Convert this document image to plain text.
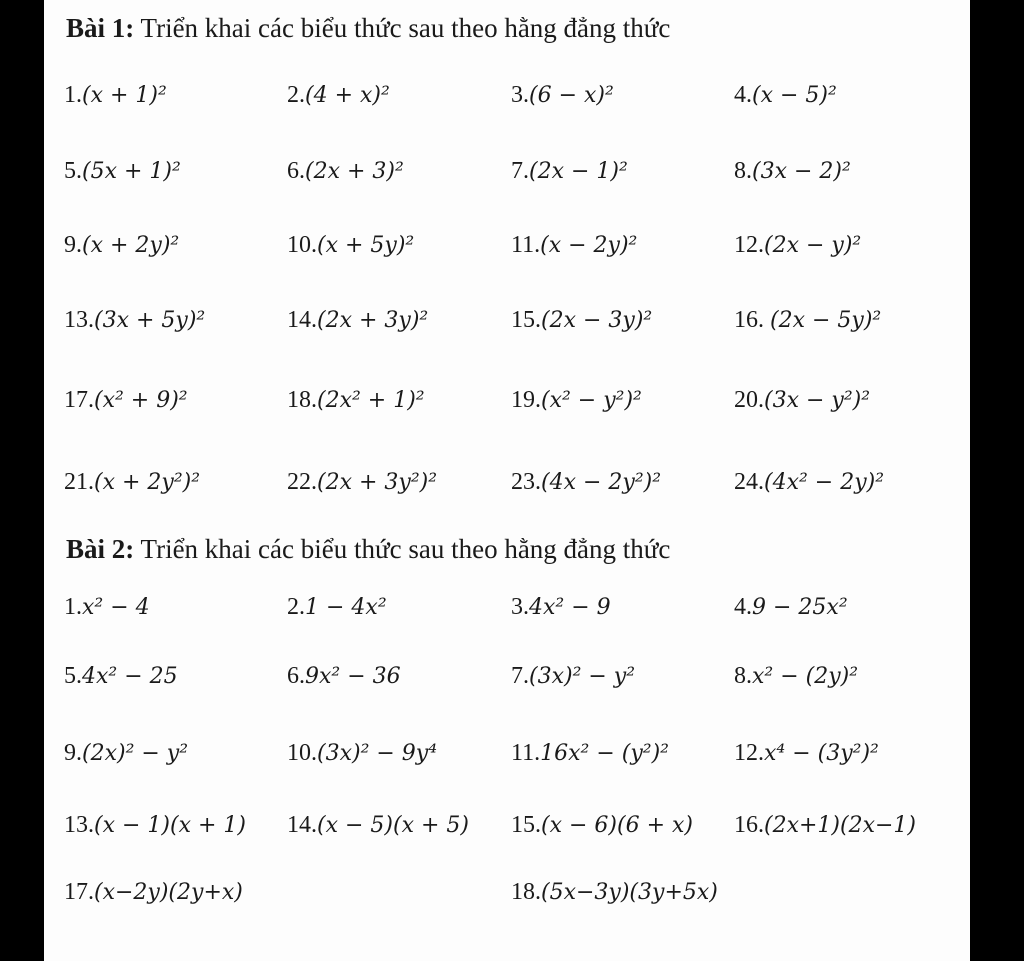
Bài 1: Triển khai các biểu thức sau theo hằng đẳng thức
1.(x + 1)²	2.(4 + x)²	3.(6 − x)²	4.(x − 5)²
5.(5x + 1)²	6.(2x + 3)²	7.(2x − 1)²	8.(3x − 2)²
9.(x + 2y)²	10.(x + 5y)²	11.(x − 2y)²	12.(2x − y)²
13.(3x + 5y)²	14.(2x + 3y)²	15.(2x − 3y)²	16. (2x − 5y)²
17.(x² + 9)²	18.(2x² + 1)²	19.(x² − y²)²	20.(3x − y²)²
21.(x + 2y²)²	22.(2x + 3y²)²	23.(4x − 2y²)²	24.(4x² − 2y)²
Bài 2: Triển khai các biểu thức sau theo hằng đẳng thức
1.x² − 4	2.1 − 4x²	3.4x² − 9	4.9 − 25x²
5.4x² − 25	6.9x² − 36	7.(3x)² − y²	8.x² − (2y)²
9.(2x)² − y²	10.(3x)² − 9y⁴	11.16x² − (y²)²	12.x⁴ − (3y²)²
13.(x − 1)(x + 1) 14.(x − 5)(x + 5) 15.(x − 6)(6 + x) 16.(2x+1)(2x−1)
17.(x−2y)(2y+x)	18.(5x−3y)(3y+5x)
